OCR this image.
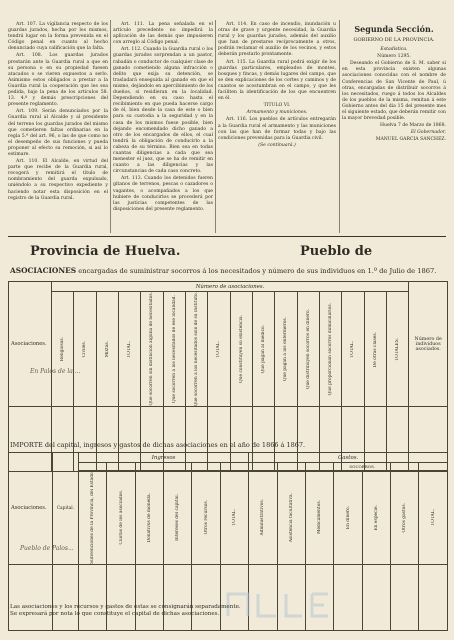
Art. 107. La vigilancia respecto de los guardas jurados, hecha por los mismos, tendrá lugar en la forma prevenida en el Código penal en cuanto al hecho denunciado cuya calificación que la falta.

Art. 108. Los guardas jurados prestarán ante la Guardia rural a que en su persona o en su propiedad fuesen atacados o se vieren expuestos a serlo. Asimismo estos obligados a prestar a la Guardia rural la cooperación que les sea pedida, bajo la pena de los artículos 58. 13. 4.º y demás prescripciones del presente reglamento.

Art. 109. Serán denunciados por la Guardia rural al Alcalde y al presidente del terreno los guardas jurados del mismo que cometieren faltas ordinarias en la regla 5.ª del art. 96, o las de que como no el desempeño de sus funciones y pueda proponer al efecto su remoción, si así lo estimare.

Art. 110. El Alcalde, en virtud del parte que recibe de la Guardia rural, recogerá y remitirá el título de nombramiento del guarda expulsado, uniéndolo a su respectivo expediente y haciendo notar esta disposición en el registro de la Guardia rural.

Art. 111. La pena señalada en el artículo precedente no impedirá la aplicación de las demás que impusieren con arreglo al Código penal.

Art. 112. Cuando la Guardia rural o los guardas jurados sorprendan a un pastor, rabadán o conductor de cualquier clase de ganado cometiendo alguna infracción o delito que exija su detención, se trasladará enseguida al ganado en que el mismo, dejándolo en apercibimiento de los dueños, si residieran en la localidad. Dependiendo en su caso hasta el recibimiento en que pueda hacerse cargo de él, bien desde la casa de este o bien para su custodia a la seguridad y en la casa de los mismos fuese posible, bien dejando encomendado dicho ganado a otro de los encargados de ellos, el cual tendrá la obligación de conducirlo a la cabeza de su término. Bien sea en todas cuantas diligencias a cada que sea menester el juez, que se ha de remitir en cuanto a las diligencias y las circunstancias de cada caso concreto.

Art. 113. Cuando los detenidos fueren gitanos de terrenos, pescas o cazadores o vagantes, o acompañados a los que hubiere de conducirlos se procederá por las justicias competentes de las disposiciones del presente reglamento.

Art. 114. En caso de incendio, inundación u otras de grave y urgente necesidad, la Guardia rural y los guardas jurados, además del auxilio que han de prestarse recíprocamente a otros, podrán reclamar el auxilio de los vecinos, y estos deberán prestarlo prontamente.

Art. 115. La Guardia rural podrá exigir de los guardas particulares, empleados de montes, bosques y fincas, y demás lugares del campo, que se den explicaciones de los cortes y caminos y de cuantos se acostumbran en el campo, y que les faciliten la identificación de los que encuentren en él.

TITULO VI.

Armamento y municiones.

Art. 116. Los pueblos de artículos entregarán a la Guardia rural el armamento y las municiones con las que han de formar todas y bajo las condiciones prevenidas para la Guardia civil.

(Se continuará.)

Segunda Sección.
GOBIERNO DE LA PROVINCIA.

Estadística.

Número 1295.

Deseando el Gobierno de S. M. saber si en esta provincia existen algunas asociaciones conocidas con el nombre de Conferencias de San Vicente de Paul, ú otras, encargadas de distribuir socorros á los necesitados, ruego á todos los Alcaldes de los pueblos de la misma, remitan á este Gobierno antes del dia 15 del presente mes el siguiente estado, que deberán remitir con la mayor brevedad posible.

Huelva 7 de Marzo de 1868.

El Gobernador,

MANUEL GARCIA SANCHEZ.

Provincia de Huelva.	Pueblo de
ASOCIACIONES encargadas de suministrar socorros á los necesitados y número de sus individuos en 1.º de Julio de 1867.
Asociaciones.	Número de asociaciones.																Número de individuos asociados.

	Religiosas.	Civiles.	Mixtas.	TOTAL.	Que socorren sin distinción alguna de necesitados.	Que socorren á los necesitados de ese localidad.	Que socorren á los necesitados sólo de su instituto.	TOTAL.	Que constituyen su existencia.	Que pagan al médico.	Que pagan á los enfermeros.	Que distribuyen socorros en dinero.	Que proporcionan socorros domiciliarios.	TOTAL.	De otras clases.	TOTALES.	

En Palos de la ...
IMPORTE del capital, ingresos y gastos de dichas asociaciones en el año de 1866 á 1867.
Asociaciones.	Capital.	Ingresos						Gastos.						
											SOCORROS.			

		Subvenciones de la Provincia, del Estado.	Cuotas de los asociados.	Donativos de moneda.	Intereses del capital.	Otros recursos.	TOTAL.	Administrativos.	Asistencia facultativa.	Medicamentos.	En dinero.	En especie.	Otros gastos.	TOTAL.

Pueblo de Palos...
Las asociaciones y los recursos y gastos de estas se consignarán separadamente.
Se expresará por nota lo que constituye el capital de dichas asociaciones.
